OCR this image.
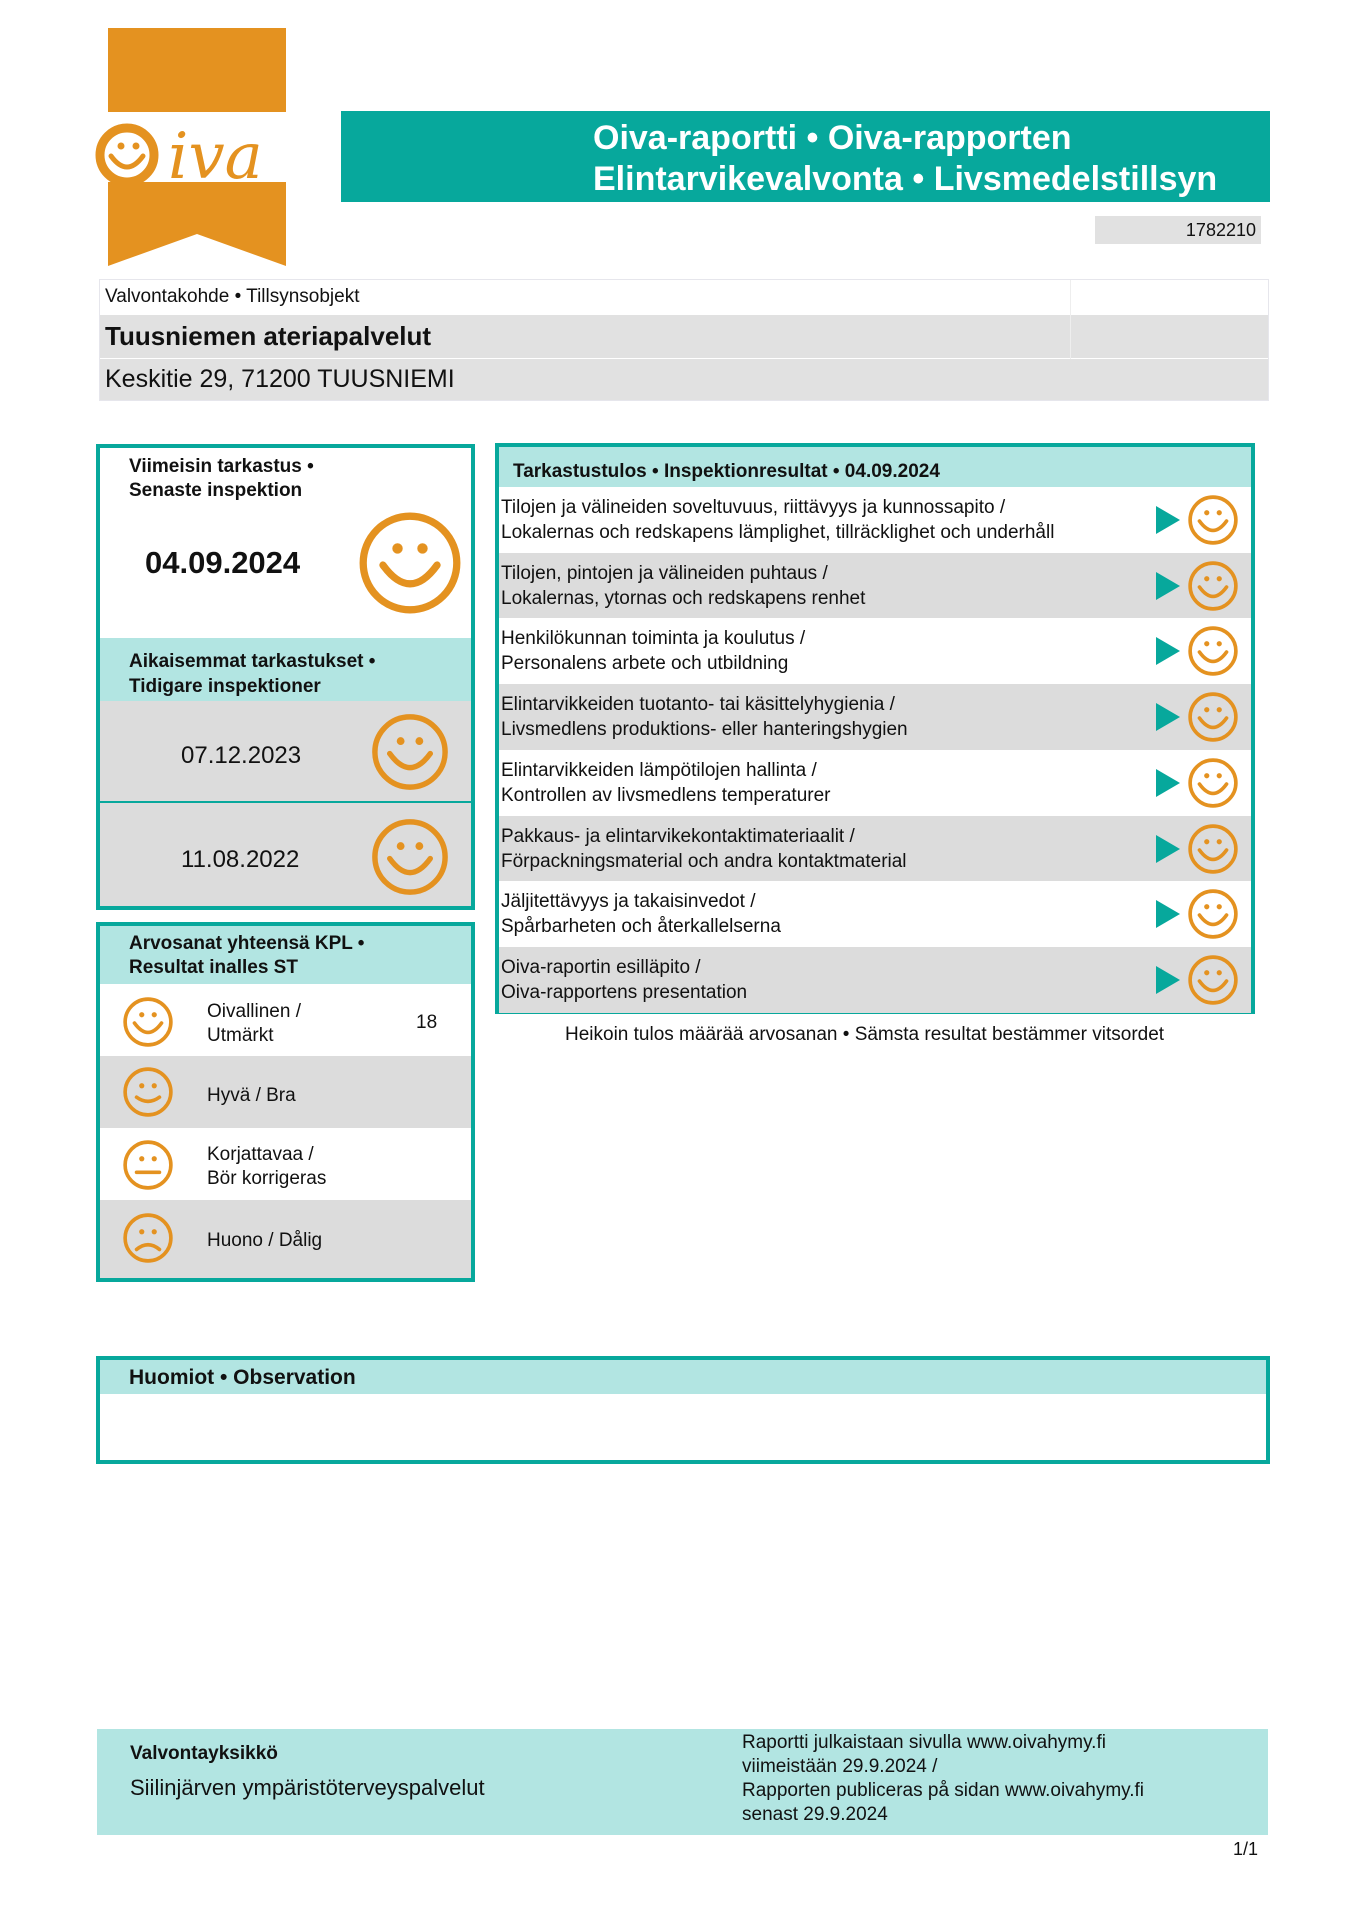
iva	Oiva-raportti • Oiva-rapporten
Elintarvikevalvonta • Livsmedelstillsyn
1782210
Valvontakohde • Tillsynsobjekt
Tuusniemen ateriapalvelut
Keskitie 29, 71200 TUUSNIEMI
Viimeisin tarkastus •
Senaste inspektion
04.09.2024
Aikaisemmat tarkastukset •
Tidigare inspektioner
07.12.2023
11.08.2022
Arvosanat yhteensä KPL •
Resultat inalles ST
Oivallinen /
Utmärkt
18
Hyvä / Bra
Korjattavaa /
Bör korrigeras
Huono / Dålig
Tarkastustulos • Inspektionresultat • 04.09.2024
Tilojen ja välineiden soveltuvuus, riittävyys ja kunnossapito /
Lokalernas och redskapens lämplighet, tillräcklighet och underhåll
Tilojen, pintojen ja välineiden puhtaus /
Lokalernas, ytornas och redskapens renhet
Henkilökunnan toiminta ja koulutus /
Personalens arbete och utbildning
Elintarvikkeiden tuotanto- tai käsittelyhygienia /
Livsmedlens produktions- eller hanteringshygien
Elintarvikkeiden lämpötilojen hallinta /
Kontrollen av livsmedlens temperaturer
Pakkaus- ja elintarvikekontaktimateriaalit /
Förpackningsmaterial och andra kontaktmaterial
Jäljitettävyys ja takaisinvedot /
Spårbarheten och återkallelserna
Oiva-raportin esilläpito /
Oiva-rapportens presentation
Heikoin tulos määrää arvosanan • Sämsta resultat bestämmer vitsordet
Huomiot • Observation
Valvontayksikkö
Siilinjärven ympäristöterveyspalvelut
Raportti julkaistaan sivulla www.oivahymy.fi
viimeistään 29.9.2024 /
Rapporten publiceras på sidan www.oivahymy.fi
senast 29.9.2024
1/1
